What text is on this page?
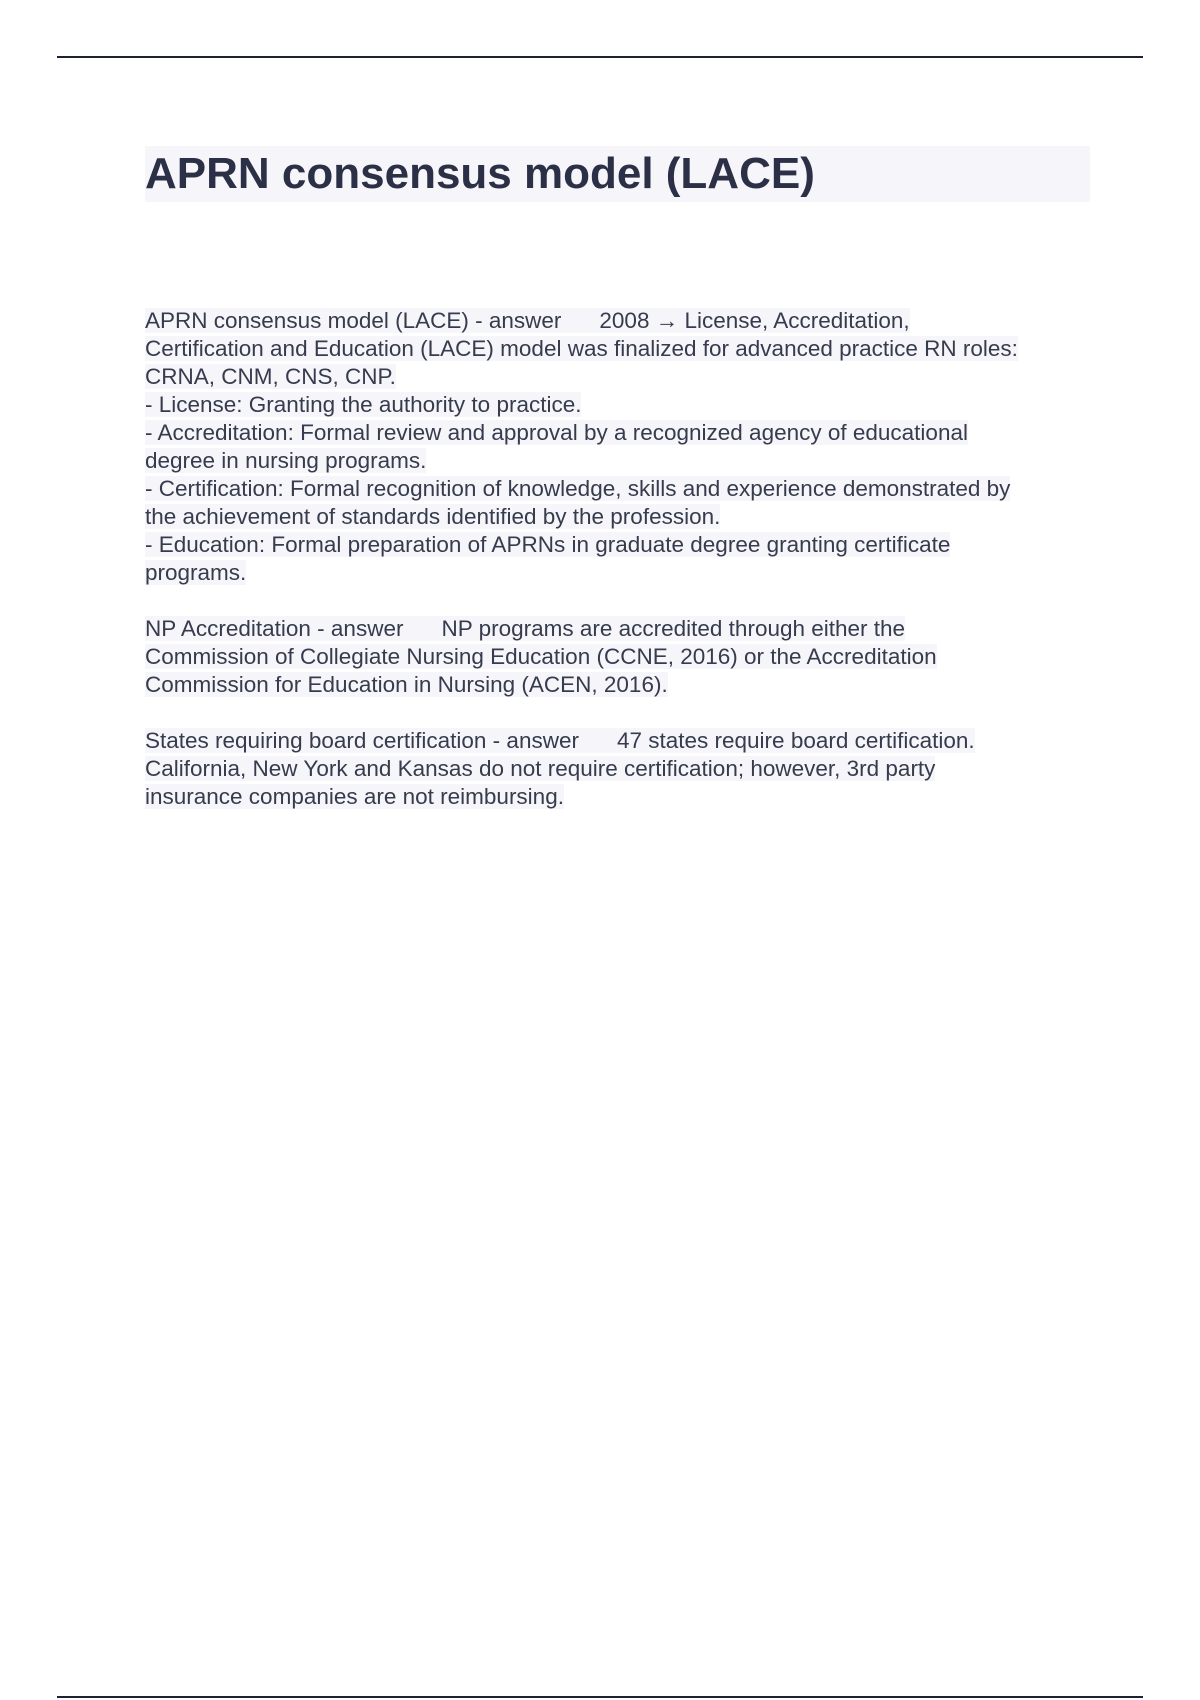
APRN consensus model (LACE)
APRN consensus model (LACE) - answer 2008 → License, Accreditation,
Certification and Education (LACE) model was finalized for advanced practice RN roles:
CRNA, CNM, CNS, CNP.
- License: Granting the authority to practice.
- Accreditation: Formal review and approval by a recognized agency of educational
degree in nursing programs.
- Certification: Formal recognition of knowledge, skills and experience demonstrated by
the achievement of standards identified by the profession.
- Education: Formal preparation of APRNs in graduate degree granting certificate
programs.
NP Accreditation - answer NP programs are accredited through either the
Commission of Collegiate Nursing Education (CCNE, 2016) or the Accreditation
Commission for Education in Nursing (ACEN, 2016).
States requiring board certification - answer 47 states require board certification.
California, New York and Kansas do not require certification; however, 3rd party
insurance companies are not reimbursing.
